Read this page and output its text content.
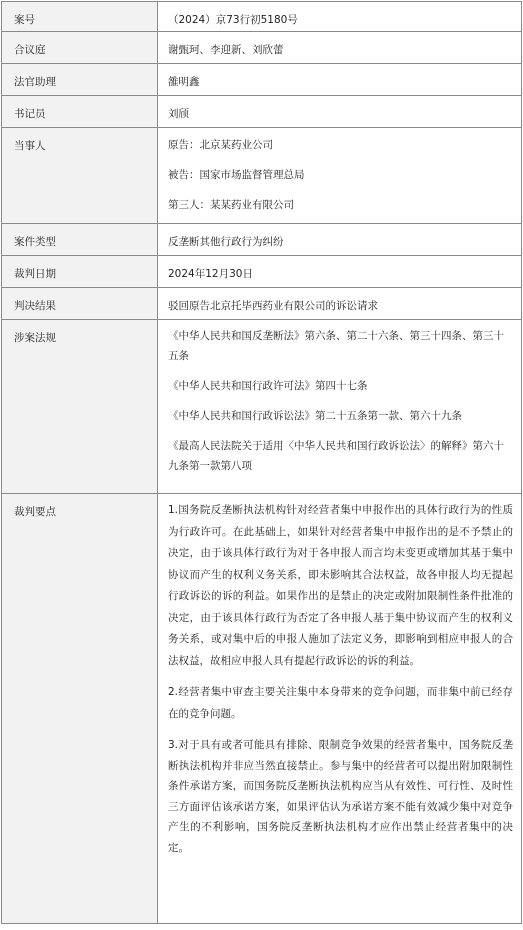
案号	（2024）京73行初5180号
合议庭	谢甄珂、李迎新、刘欣蕾
法官助理	雒明鑫
书记员	刘颀
当事人	原告：北京某药业公司

被告：国家市场监督管理总局

第三人：某某药业有限公司

案件类型	反垄断其他行政行为纠纷
裁判日期	2024年12月30日
判决结果	驳回原告北京托毕西药业有限公司的诉讼请求
涉案法规	《中华人民共和国反垄断法》第六条、第二十六条、第三十四条、第三十五条

《中华人民共和国行政许可法》第四十七条

《中华人民共和国行政诉讼法》第二十五条第一款、第六十九条

《最高人民法院关于适用〈中华人民共和国行政诉讼法〉的解释》第六十九条第一款第八项

裁判要点	1.国务院反垄断执法机构针对经营者集中申报作出的具体行政行为的性质为行政许可。在此基础上，如果针对经营者集中申报作出的是不予禁止的决定，由于该具体行政行为对于各申报人而言均未变更或增加其基于集中协议而产生的权利义务关系，即未影响其合法权益，故各申报人均无提起行政诉讼的诉的利益。如果作出的是禁止的决定或附加限制性条件批准的决定，由于该具体行政行为否定了各申报人基于集中协议而产生的权利义务关系，或对集中后的申报人施加了法定义务，即影响到相应申报人的合法权益，故相应申报人具有提起行政诉讼的诉的利益。

2.经营者集中审查主要关注集中本身带来的竞争问题，而非集中前已经存在的竞争问题。

3.对于具有或者可能具有排除、限制竞争效果的经营者集中，国务院反垄断执法机构并非应当然直接禁止。参与集中的经营者可以提出附加限制性条件承诺方案，而国务院反垄断执法机构应当从有效性、可行性、及时性三方面评估该承诺方案，如果评估认为承诺方案不能有效减少集中对竞争产生的不利影响，国务院反垄断执法机构才应作出禁止经营者集中的决定。
